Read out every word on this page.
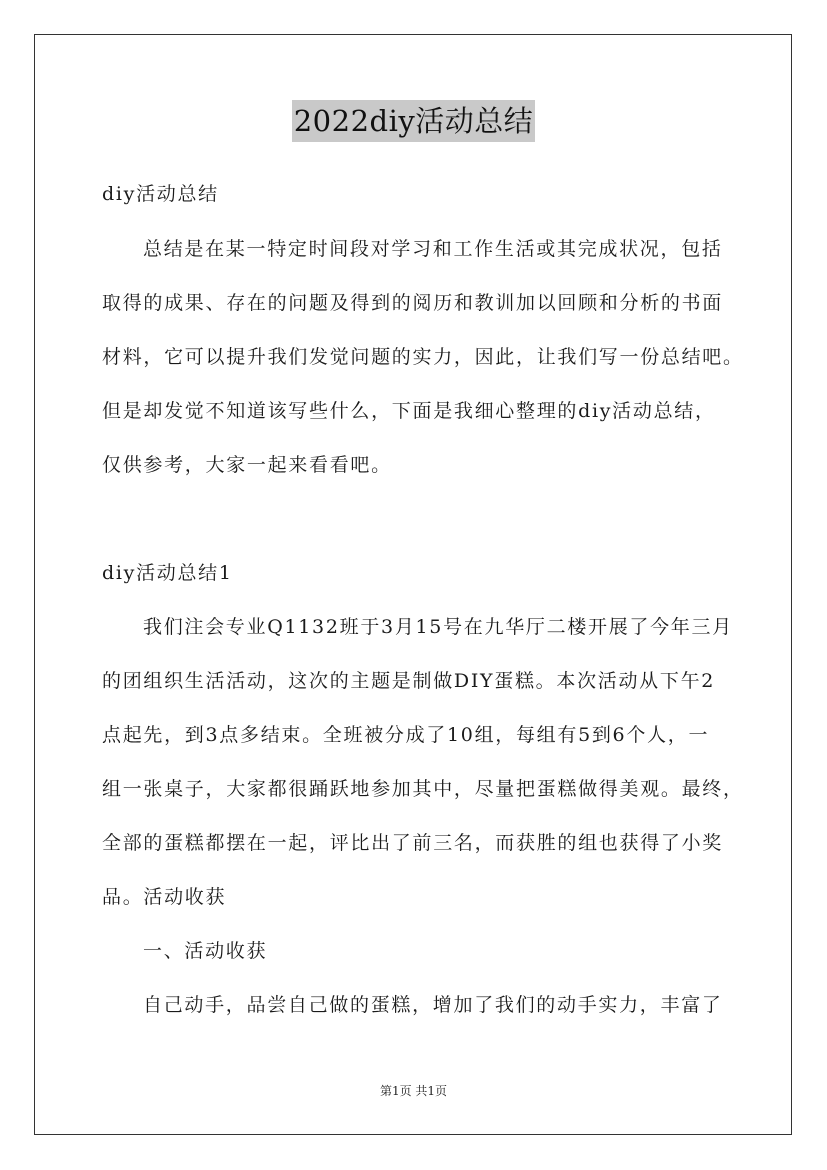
2022diy活动总结
diy活动总结
总结是在某一特定时间段对学习和工作生活或其完成状况，包括
取得的成果、存在的问题及得到的阅历和教训加以回顾和分析的书面
材料，它可以提升我们发觉问题的实力，因此，让我们写一份总结吧。
但是却发觉不知道该写些什么，下面是我细心整理的diy活动总结，
仅供参考，大家一起来看看吧。
diy活动总结1
我们注会专业Q1132班于3月15号在九华厅二楼开展了今年三月
的团组织生活活动，这次的主题是制做DIY蛋糕。本次活动从下午2
点起先，到3点多结束。全班被分成了10组，每组有5到6个人，一
组一张桌子，大家都很踊跃地参加其中，尽量把蛋糕做得美观。最终，
全部的蛋糕都摆在一起，评比出了前三名，而获胜的组也获得了小奖
品。活动收获
一、活动收获
自己动手，品尝自己做的蛋糕，增加了我们的动手实力，丰富了
第1页 共1页
